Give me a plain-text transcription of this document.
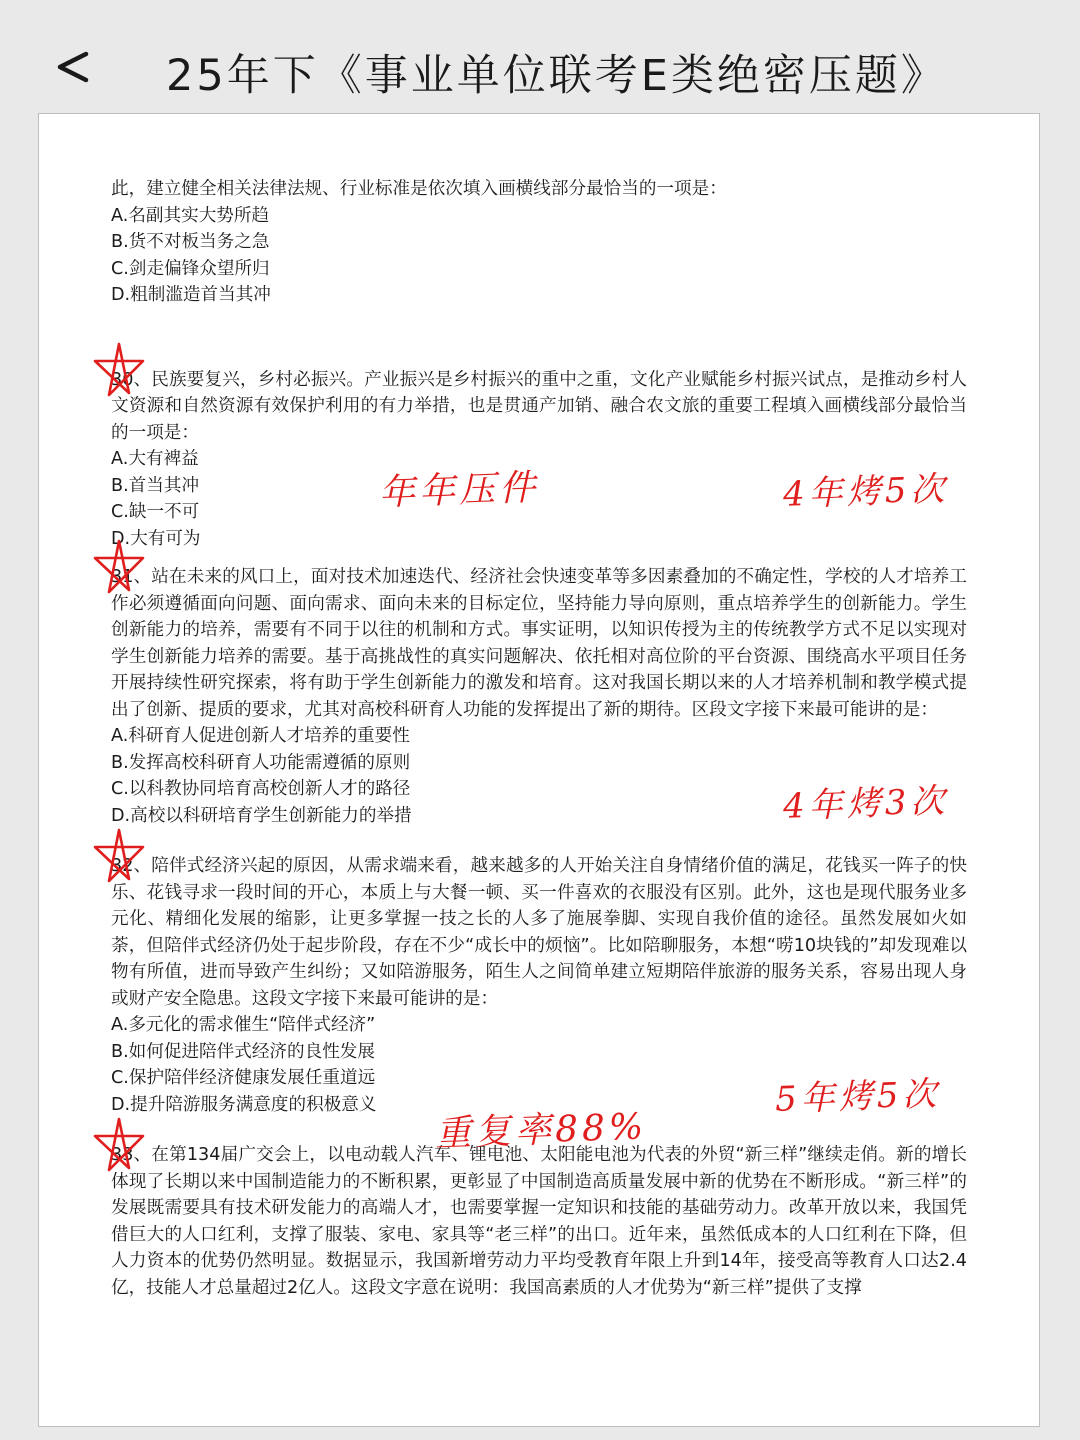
25年下《事业单位联考E类绝密压题》

此，建立健全相关法律法规、行业标准是依次填入画横线部分最恰当的一项是：

A.名副其实大势所趋

B.货不对板当务之急

C.剑走偏锋众望所归

D.粗制滥造首当其冲

30、民族要复兴，乡村必振兴。产业振兴是乡村振兴的重中之重，文化产业赋能乡村振兴试点，是推动乡村人文资源和自然资源有效保护利用的有力举措，也是贯通产加销、融合农文旅的重要工程填入画横线部分最恰当的一项是：

A.大有裨益

B.首当其冲

C.缺一不可

D.大有可为

31、站在未来的风口上，面对技术加速迭代、经济社会快速变革等多因素叠加的不确定性，学校的人才培养工作必须遵循面向问题、面向需求、面向未来的目标定位，坚持能力导向原则，重点培养学生的创新能力。学生创新能力的培养，需要有不同于以往的机制和方式。事实证明，以知识传授为主的传统教学方式不足以实现对学生创新能力培养的需要。基于高挑战性的真实问题解决、依托相对高位阶的平台资源、围绕高水平项目任务开展持续性研究探索，将有助于学生创新能力的激发和培育。这对我国长期以来的人才培养机制和教学模式提出了创新、提质的要求，尤其对高校科研育人功能的发挥提出了新的期待。区段文字接下来最可能讲的是：

A.科研育人促进创新人才培养的重要性

B.发挥高校科研育人功能需遵循的原则

C.以科教协同培育高校创新人才的路径

D.高校以科研培育学生创新能力的举措

32、陪伴式经济兴起的原因，从需求端来看，越来越多的人开始关注自身情绪价值的满足，花钱买一阵子的快乐、花钱寻求一段时间的开心，本质上与大餐一顿、买一件喜欢的衣服没有区别。此外，这也是现代服务业多元化、精细化发展的缩影，让更多掌握一技之长的人多了施展拳脚、实现自我价值的途径。虽然发展如火如荼，但陪伴式经济仍处于起步阶段，存在不少“成长中的烦恼”。比如陪聊服务，本想“唠10块钱的”却发现难以物有所值，进而导致产生纠纷；又如陪游服务，陌生人之间简单建立短期陪伴旅游的服务关系，容易出现人身或财产安全隐患。这段文字接下来最可能讲的是：

A.多元化的需求催生“陪伴式经济”

B.如何促进陪伴式经济的良性发展

C.保护陪伴经济健康发展任重道远

D.提升陪游服务满意度的积极意义

33、在第134届广交会上，以电动载人汽车、锂电池、太阳能电池为代表的外贸“新三样”继续走俏。新的增长体现了长期以来中国制造能力的不断积累，更彰显了中国制造高质量发展中新的优势在不断形成。“新三样”的发展既需要具有技术研发能力的高端人才，也需要掌握一定知识和技能的基础劳动力。改革开放以来，我国凭借巨大的人口红利，支撑了服装、家电、家具等“老三样”的出口。近年来，虽然低成本的人口红利在下降，但人力资本的优势仍然明显。数据显示，我国新增劳动力平均受教育年限上升到14年，接受高等教育人口达2.4亿，技能人才总量超过2亿人。这段文字意在说明：我国高素质的人才优势为“新三样”提供了支撑

年年压件	4年烤5次
4年烤3次
5年烤5次
重复率88%
